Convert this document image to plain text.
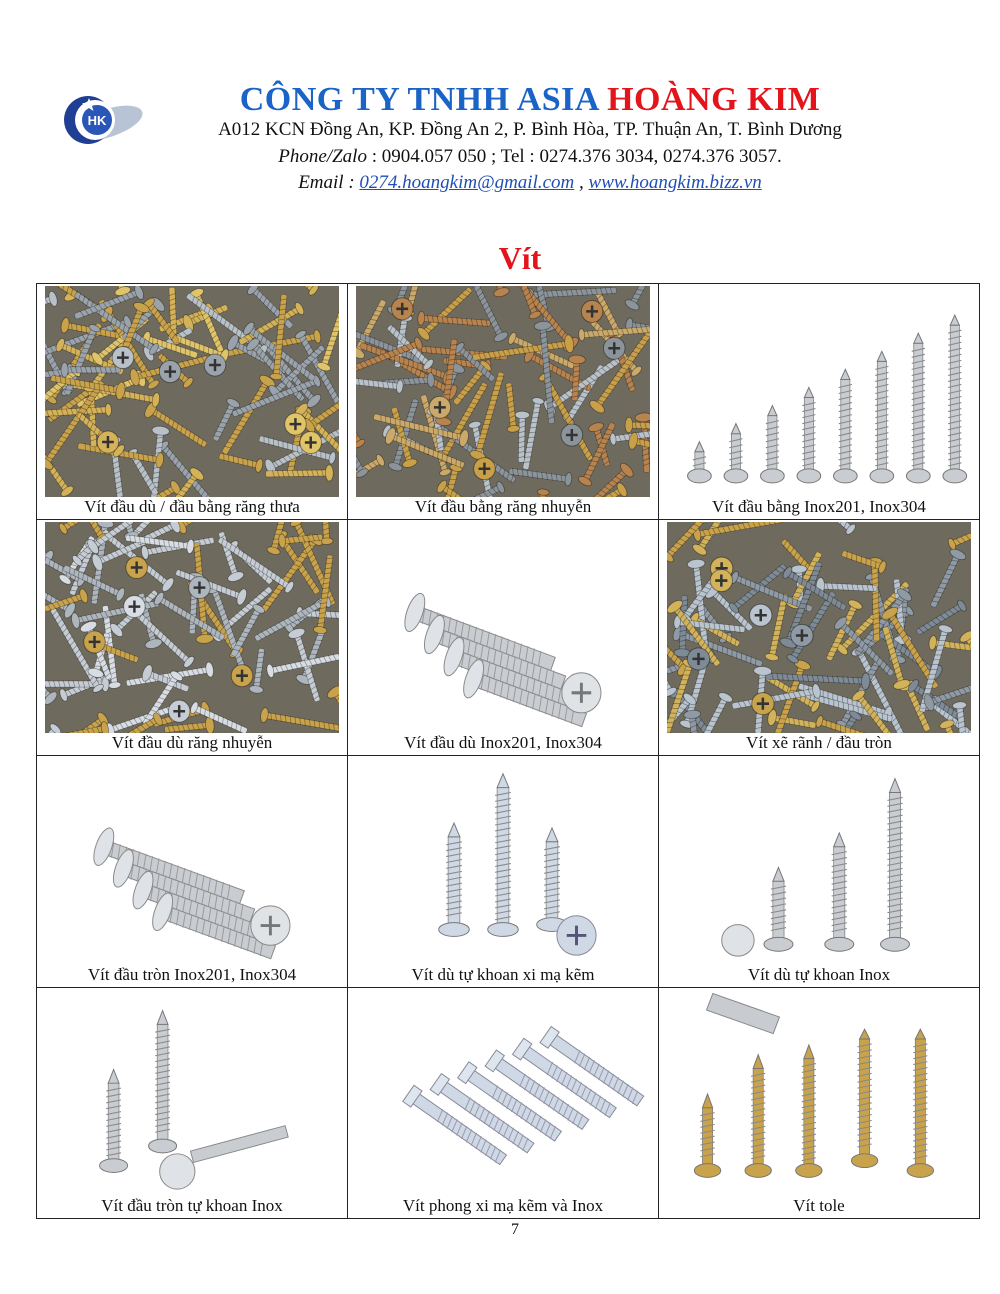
HK
CÔNG TY TNHH ASIA HOÀNG KIM
A012 KCN Đồng An, KP. Đồng An 2, P. Bình Hòa, TP. Thuận An, T. Bình Dương
Phone/Zalo : 0904.057 050 ; Tel : 0274.376 3034, 0274.376 3057.
Email : 0274.hoangkim@gmail.com , www.hoangkim.bizz.vn
Vít
Vít đầu dù / đầu bằng răng thưa	Vít đầu bằng răng nhuyễn	Vít đầu bằng Inox201, Inox304
Vít đầu dù răng nhuyễn	Vít đầu dù Inox201, Inox304	Vít xẽ rãnh / đầu tròn
Vít đầu tròn Inox201, Inox304	Vít dù tự khoan xi mạ kẽm	Vít dù tự khoan Inox
Vít đầu tròn tự khoan Inox	Vít phong xi mạ kẽm và Inox	Vít tole
7
